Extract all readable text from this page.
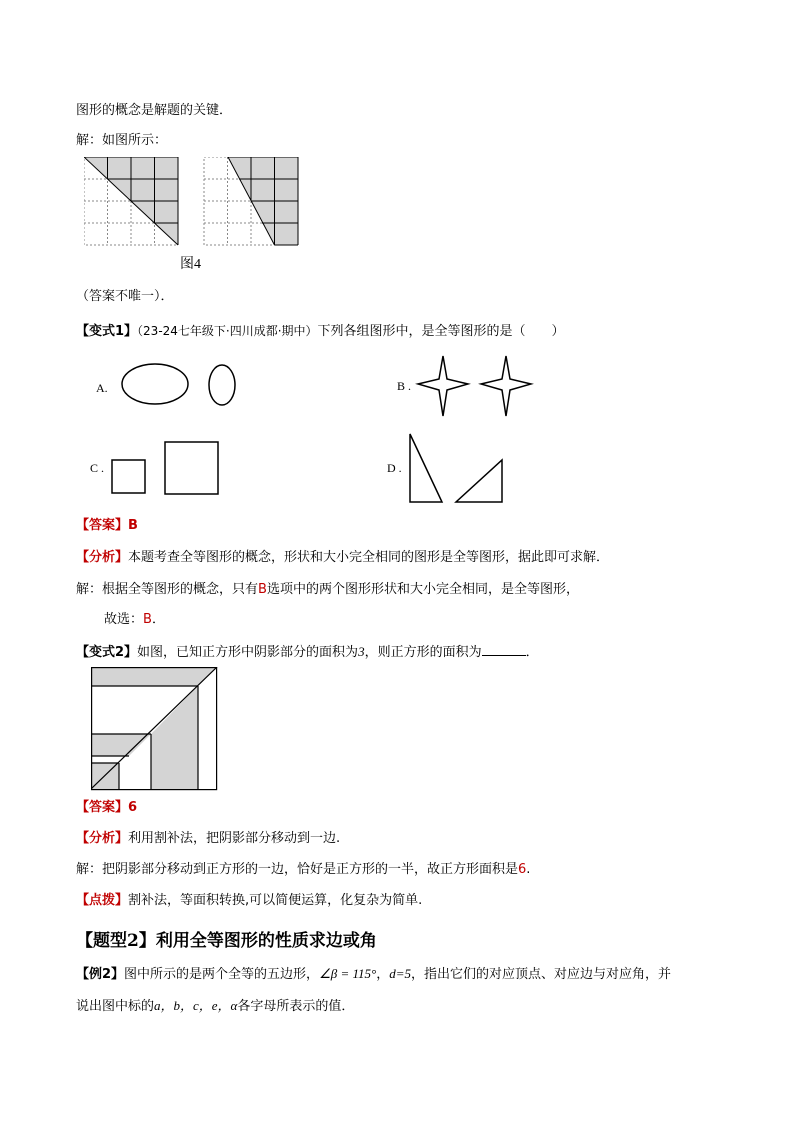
图形的概念是解题的关键．
解：如图所示：
图4
（答案不唯一）．
【变式1】（23-24七年级下·四川成都·期中）下列各组图形中，是全等图形的是（　　）
A.	B .
C .	D .
【答案】B
【分析】本题考查全等图形的概念，形状和大小完全相同的图形是全等图形，据此即可求解．
解：根据全等图形的概念，只有B选项中的两个图形形状和大小完全相同，是全等图形，
故选：B．
【变式2】如图，已知正方形中阴影部分的面积为3，则正方形的面积为	．
【答案】6
【分析】利用割补法，把阴影部分移动到一边.
解：把阴影部分移动到正方形的一边，恰好是正方形的一半，故正方形面积是6.
【点拨】割补法，等面积转换,可以简便运算，化复杂为简单.
【题型2】利用全等图形的性质求边或角
【例2】图中所示的是两个全等的五边形，∠β = 115°，d=5，指出它们的对应顶点、对应边与对应角，并
说出图中标的a，b，c，e，α各字母所表示的值．
